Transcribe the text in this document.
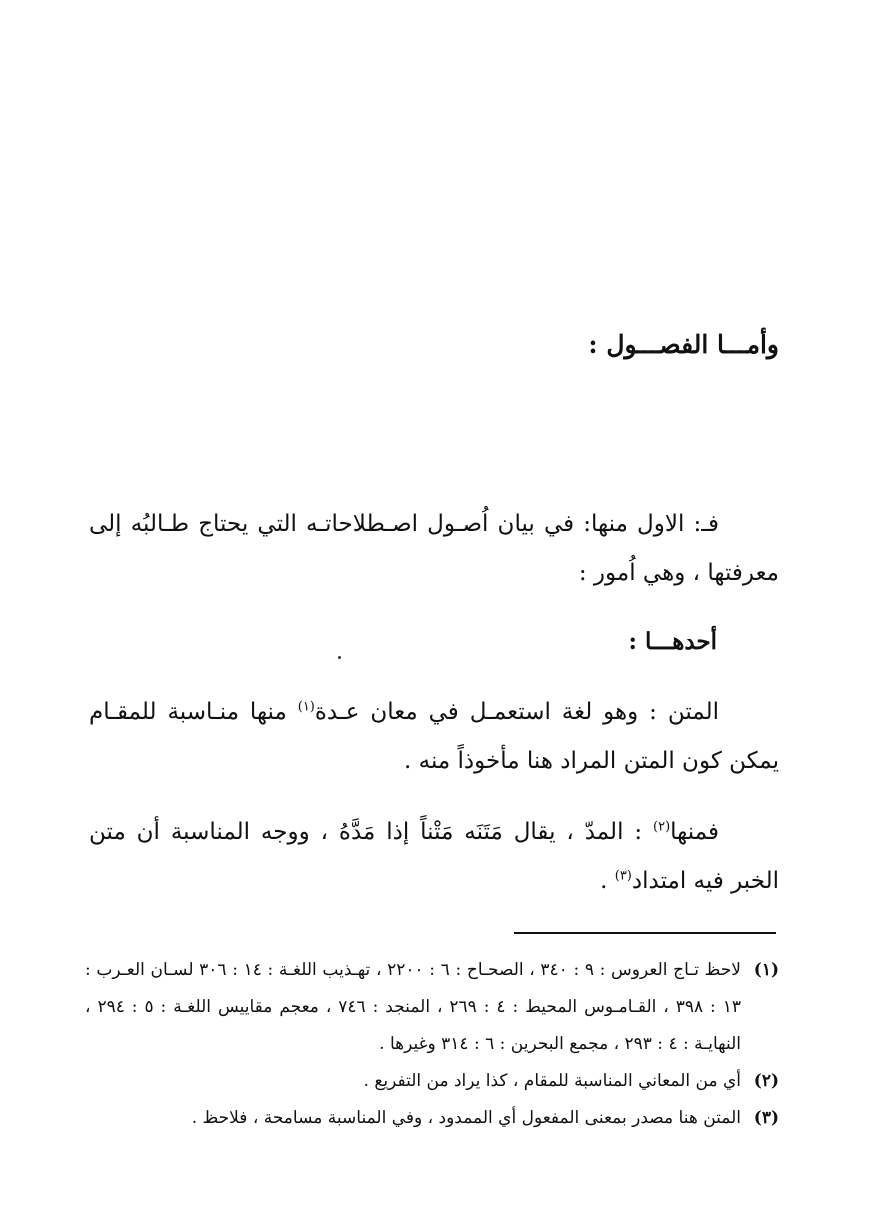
وأمـــا الفصـــول :

فـ: الاول منها: في بيان اُصـول اصـطلاحاتـه التي يحتاج طـالبُه إلى معرفتها ، وهي اُمور :

أحدهـــا :

المتن : وهو لغة استعمـل في معان عـدة$^{(١)}$ منها منـاسبة للمقـام يمكن كون المتن المراد هنا مأخوذاً منه .

فمنها$^{(٢)}$ : المدّ ، يقال مَتَنَه مَتْناً إذا مَدَّهُ ، ووجه المناسبة أن متن الخبر فيه امتداد$^{(٣)}$ .

(١)
لاحظ تـاج العروس : ٩ : ٣٤٠ ، الصحـاح : ٦ : ٢٢٠٠ ، تهـذيب اللغـة : ١٤ : ٣٠٦ لسـان العـرب : ١٣ : ٣٩٨ ، القـامـوس المحيط : ٤ : ٢٦٩ ، المنجد : ٧٤٦ ، معجم مقاييس اللغـة : ٥ : ٢٩٤ ، النهايـة : ٤ : ٢٩٣ ، مجمع البحرين : ٦ : ٣١٤ وغيرها .
(٢)
أي من المعاني المناسبة للمقام ، كذا يراد من التفريع .
(٣)
المتن هنا مصدر بمعنى المفعول أي الممدود ، وفي المناسبة مسامحة ، فلاحظ .
